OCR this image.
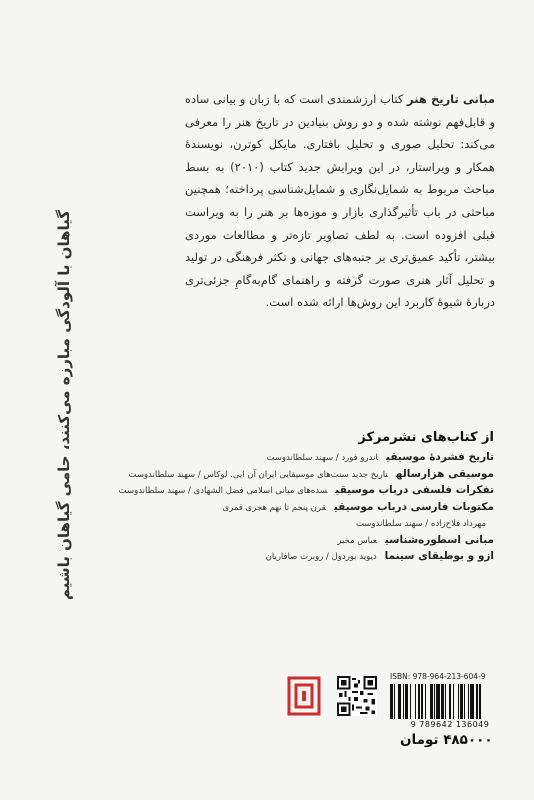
گیاهان با آلودگی مبارزه می‌کنند، حامی گیاهان باشیم
مبانی تاریخ هنر کتاب ارزشمندی است که با زبان و بیانی ساده و قابل‌فهم نوشته شده و دو روش بنیادین در تاریخ هنر را معرفی می‌کند: تحلیل صوری و تحلیل بافتاری. مایکل کوترن، نویسندهٔ همکار و ویراستار، در این ویرایش جدید کتاب (۲۰۱۰) به بسط مباحث مربوط به شمایل‌نگاری و شمایل‌شناسی پرداخته؛ همچنین مباحثی در باب تأثیرگذاری بازار و موزه‌ها بر هنر را به ویراست قبلی افزوده است. به لطف تصاویر تازه‌تر و مطالعات موردی بیشتر، تأکید عمیق‌تری بر جنبه‌های جهانی و تکثر فرهنگی در تولید و تحلیل آثار هنری صورت گرفته و راهنمای گام‌به‌گامِ جزئی‌تری دربارهٔ شیوهٔ کاربرد این روش‌ها ارائه شده است.
از کتاب‌های نشرمرکز
تاریخ فشردهٔ موسیقیاندرو فورد / سهند سلطاندوست
موسیقی هزارسالهتاریخ جدید سنت‌های موسیقایی ایران آن ایی. لوکاس / سهند سلطاندوست
تفکرات فلسفی درباب موسیقیسده‌های میانی اسلامی فضل الشهادی / سهند سلطاندوست
مکتوبات فارسی درباب موسیقیقرن پنجم تا نهم هجری قمری
مهرداد فلاح‌زاده / سهند سلطاندوست
مبانی اسطوره‌شناسیعباس مخبر
ازو و بوطیقای سینمادیوید بوردول / روبرت صافاریان
ISBN: 978-964-213-604-9
9 789642 136049
۴۸۵۰۰۰ تومان
